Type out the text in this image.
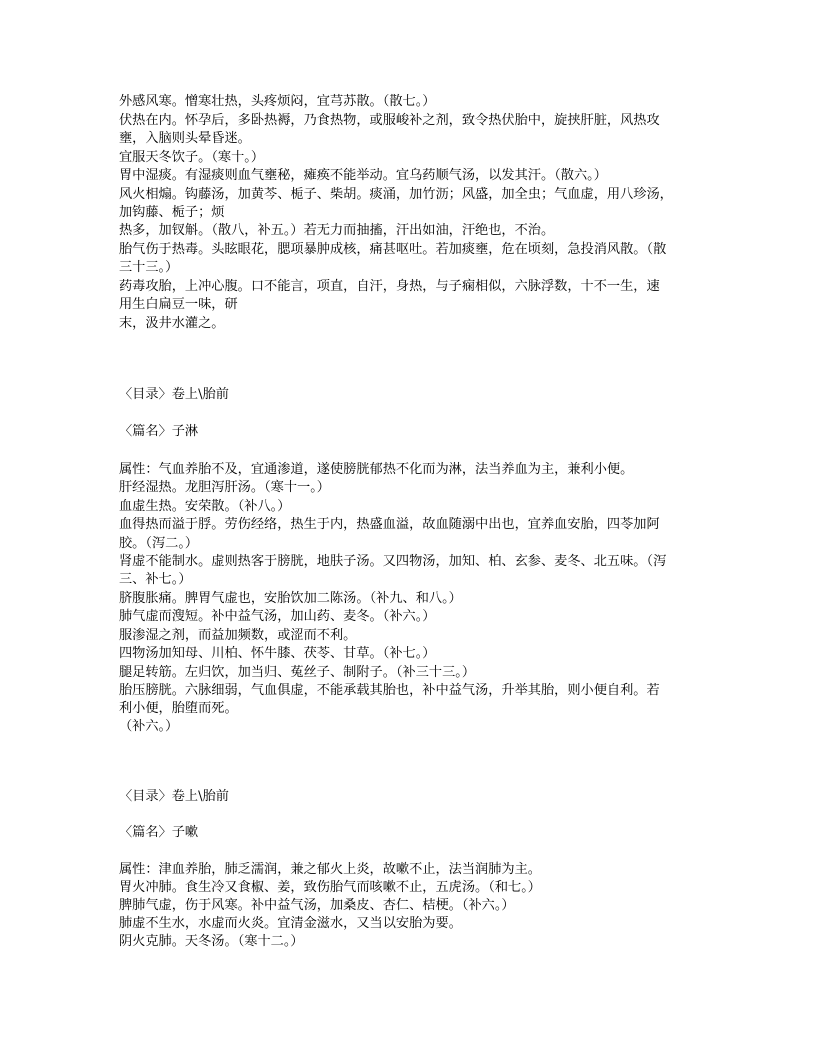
外感风寒。憎寒壮热，头疼烦闷，宜芎苏散。（散七。）
伏热在内。怀孕后，多卧热褥，乃食热物，或服峻补之剂，致令热伏胎中，旋挟肝脏，风热攻
壅，入脑则头晕昏迷。
宜服天冬饮子。（寒十。）
胃中湿痰。有湿痰则血气壅秘，瘫痪不能举动。宜乌药顺气汤，以发其汗。（散六。）
风火相煽。钩藤汤，加黄芩、栀子、柴胡。痰涌，加竹沥；风盛，加全虫；气血虚，用八珍汤，
加钩藤、栀子；烦
热多，加钗斛。（散八，补五。）若无力而抽搐，汗出如油，汗绝也，不治。
胎气伤于热毒。头眩眼花，腮项暴肿成核，痛甚呕吐。若加痰壅，危在顷刻，急投消风散。（散
三十三。）
药毒攻胎，上冲心腹。口不能言，项直，自汗，身热，与子痫相似，六脉浮数，十不一生，速
用生白扁豆一味，研
末，汲井水灌之。
〈目录〉卷上\胎前
〈篇名〉子淋
属性：气血养胎不及，宜通渗道，遂使膀胱郁热不化而为淋，法当养血为主，兼利小便。
肝经湿热。龙胆泻肝汤。（寒十一。）
血虚生热。安荣散。（补八。）
血得热而溢于脬。劳伤经络，热生于内，热盛血溢，故血随溺中出也，宜养血安胎，四苓加阿
胶。（泻二。）
肾虚不能制水。虚则热客于膀胱，地肤子汤。又四物汤，加知、柏、玄参、麦冬、北五味。（泻
三、补七。）
脐腹胀痛。脾胃气虚也，安胎饮加二陈汤。（补九、和八。）
肺气虚而溲短。补中益气汤，加山药、麦冬。（补六。）
服渗湿之剂，而益加频数，或涩而不利。
四物汤加知母、川柏、怀牛膝、茯苓、甘草。（补七。）
腿足转筋。左归饮，加当归、菟丝子、制附子。（补三十三。）
胎压膀胱。六脉细弱，气血俱虚，不能承载其胎也，补中益气汤，升举其胎，则小便自利。若
利小便，胎堕而死。
（补六。）
〈目录〉卷上\胎前
〈篇名〉子嗽
属性：津血养胎，肺乏濡润，兼之郁火上炎，故嗽不止，法当润肺为主。
胃火冲肺。食生冷又食椒、姜，致伤胎气而咳嗽不止，五虎汤。（和七。）
脾肺气虚，伤于风寒。补中益气汤，加桑皮、杏仁、桔梗。（补六。）
肺虚不生水，水虚而火炎。宜清金滋水，又当以安胎为要。
阴火克肺。天冬汤。（寒十二。）
